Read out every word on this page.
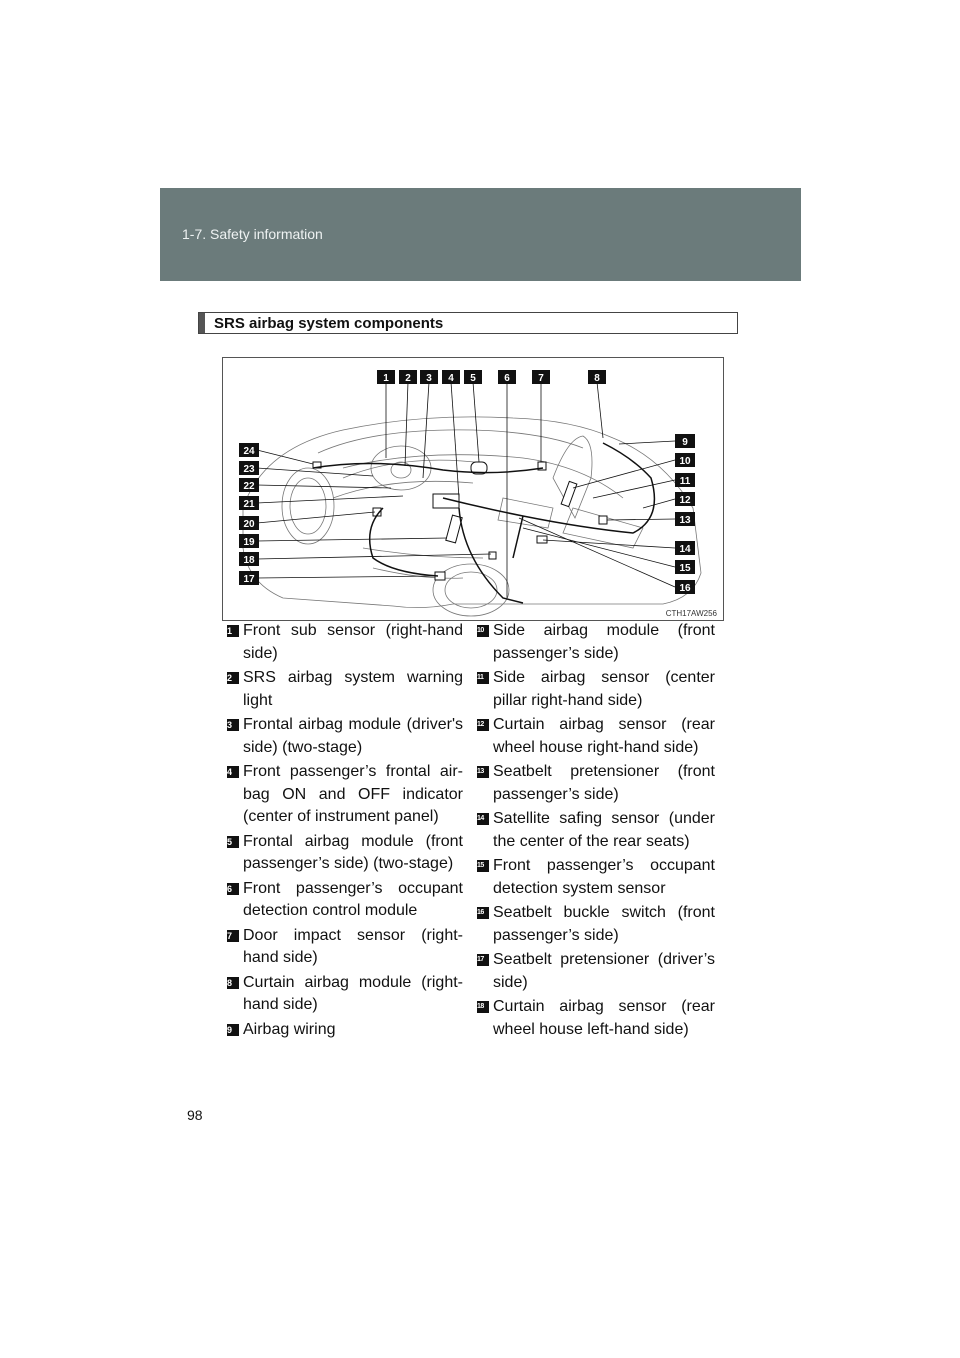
1-7. Safety information
SRS airbag system components
1 2 3 4 5	6	7	8
9
10
11
12
13
14
15
16
24
23
22
21
20
19
18
17
CTH17AW256
1 Front sub sensor (right-hand side)
2 SRS airbag system warning light
3 Frontal airbag module (driver's side) (two-stage)
4 Front passenger’s frontal air-bag ON and OFF indicator (center of instrument panel)
5 Frontal airbag module (front passenger’s side) (two-stage)
6 Front passenger’s occupant detection control module
7 Door impact sensor (right-hand side)
8 Curtain airbag module (right-hand side)
9 Airbag wiring
10 Side airbag module (front passenger’s side)
11 Side airbag sensor (center pillar right-hand side)
12 Curtain airbag sensor (rear wheel house right-hand side)
13 Seatbelt pretensioner (front passenger’s side)
14 Satellite safing sensor (under the center of the rear seats)
15 Front passenger’s occupant detection system sensor
16 Seatbelt buckle switch (front passenger’s side)
17 Seatbelt pretensioner (driver’s side)
18 Curtain airbag sensor (rear wheel house left-hand side)
98
